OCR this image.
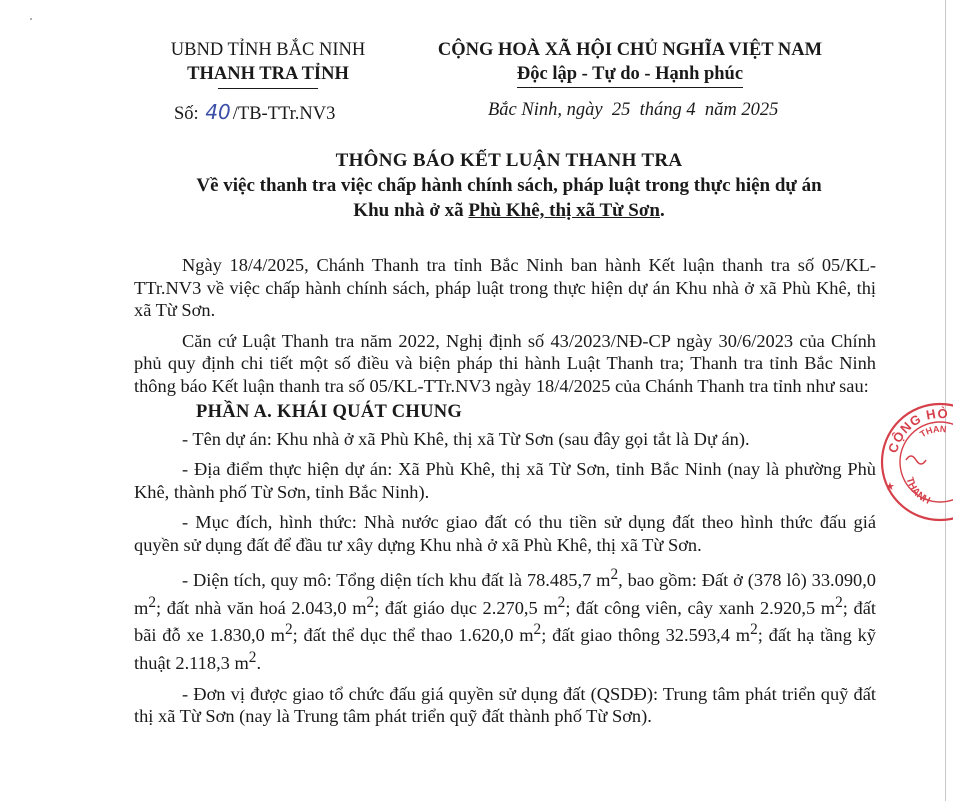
UBND TỈNH BẮC NINH
THANH TRA TỈNH
CỘNG HOÀ XÃ HỘI CHỦ NGHĨA VIỆT NAM
Độc lập - Tự do - Hạnh phúc
Số: 40 /TB-TTr.NV3	Bắc Ninh, ngày  25  tháng 4  năm 2025
THÔNG BÁO KẾT LUẬN THANH TRA
Về việc thanh tra việc chấp hành chính sách, pháp luật trong thực hiện dự án
Khu nhà ở xã Phù Khê, thị xã Từ Sơn.

Ngày 18/4/2025, Chánh Thanh tra tỉnh Bắc Ninh ban hành Kết luận thanh tra số 05/KL-TTr.NV3 về việc chấp hành chính sách, pháp luật trong thực hiện dự án Khu nhà ở xã Phù Khê, thị xã Từ Sơn.

Căn cứ Luật Thanh tra năm 2022, Nghị định số 43/2023/NĐ-CP ngày 30/6/2023 của Chính phủ quy định chi tiết một số điều và biện pháp thi hành Luật Thanh tra; Thanh tra tỉnh Bắc Ninh thông báo Kết luận thanh tra số 05/KL-TTr.NV3 ngày 18/4/2025 của Chánh Thanh tra tỉnh như sau:

PHẦN A. KHÁI QUÁT CHUNG

- Tên dự án: Khu nhà ở xã Phù Khê, thị xã Từ Sơn (sau đây gọi tắt là Dự án).

- Địa điểm thực hiện dự án: Xã Phù Khê, thị xã Từ Sơn, tỉnh Bắc Ninh (nay là phường Phù Khê, thành phố Từ Sơn, tỉnh Bắc Ninh).

- Mục đích, hình thức: Nhà nước giao đất có thu tiền sử dụng đất theo hình thức đấu giá quyền sử dụng đất để đầu tư xây dựng Khu nhà ở xã Phù Khê, thị xã Từ Sơn.

- Diện tích, quy mô: Tổng diện tích khu đất là 78.485,7 $m^2$, bao gồm: Đất ở (378 lô) 33.090,0 $m^2$; đất nhà văn hoá 2.043,0 $m^2$; đất giáo dục 2.270,5 $m^2$; đất công viên, cây xanh 2.920,5 $m^2$; đất bãi đỗ xe 1.830,0 $m^2$; đất thể dục thể thao 1.620,0 $m^2$; đất giao thông 32.593,4 $m^2$; đất hạ tầng kỹ thuật 2.118,3 $m^2$.

- Đơn vị được giao tổ chức đấu giá quyền sử dụng đất (QSDĐ): Trung tâm phát triển quỹ đất thị xã Từ Sơn (nay là Trung tâm phát triển quỹ đất thành phố Từ Sơn).

CỘNG HÒ
THAN
THANH
★
